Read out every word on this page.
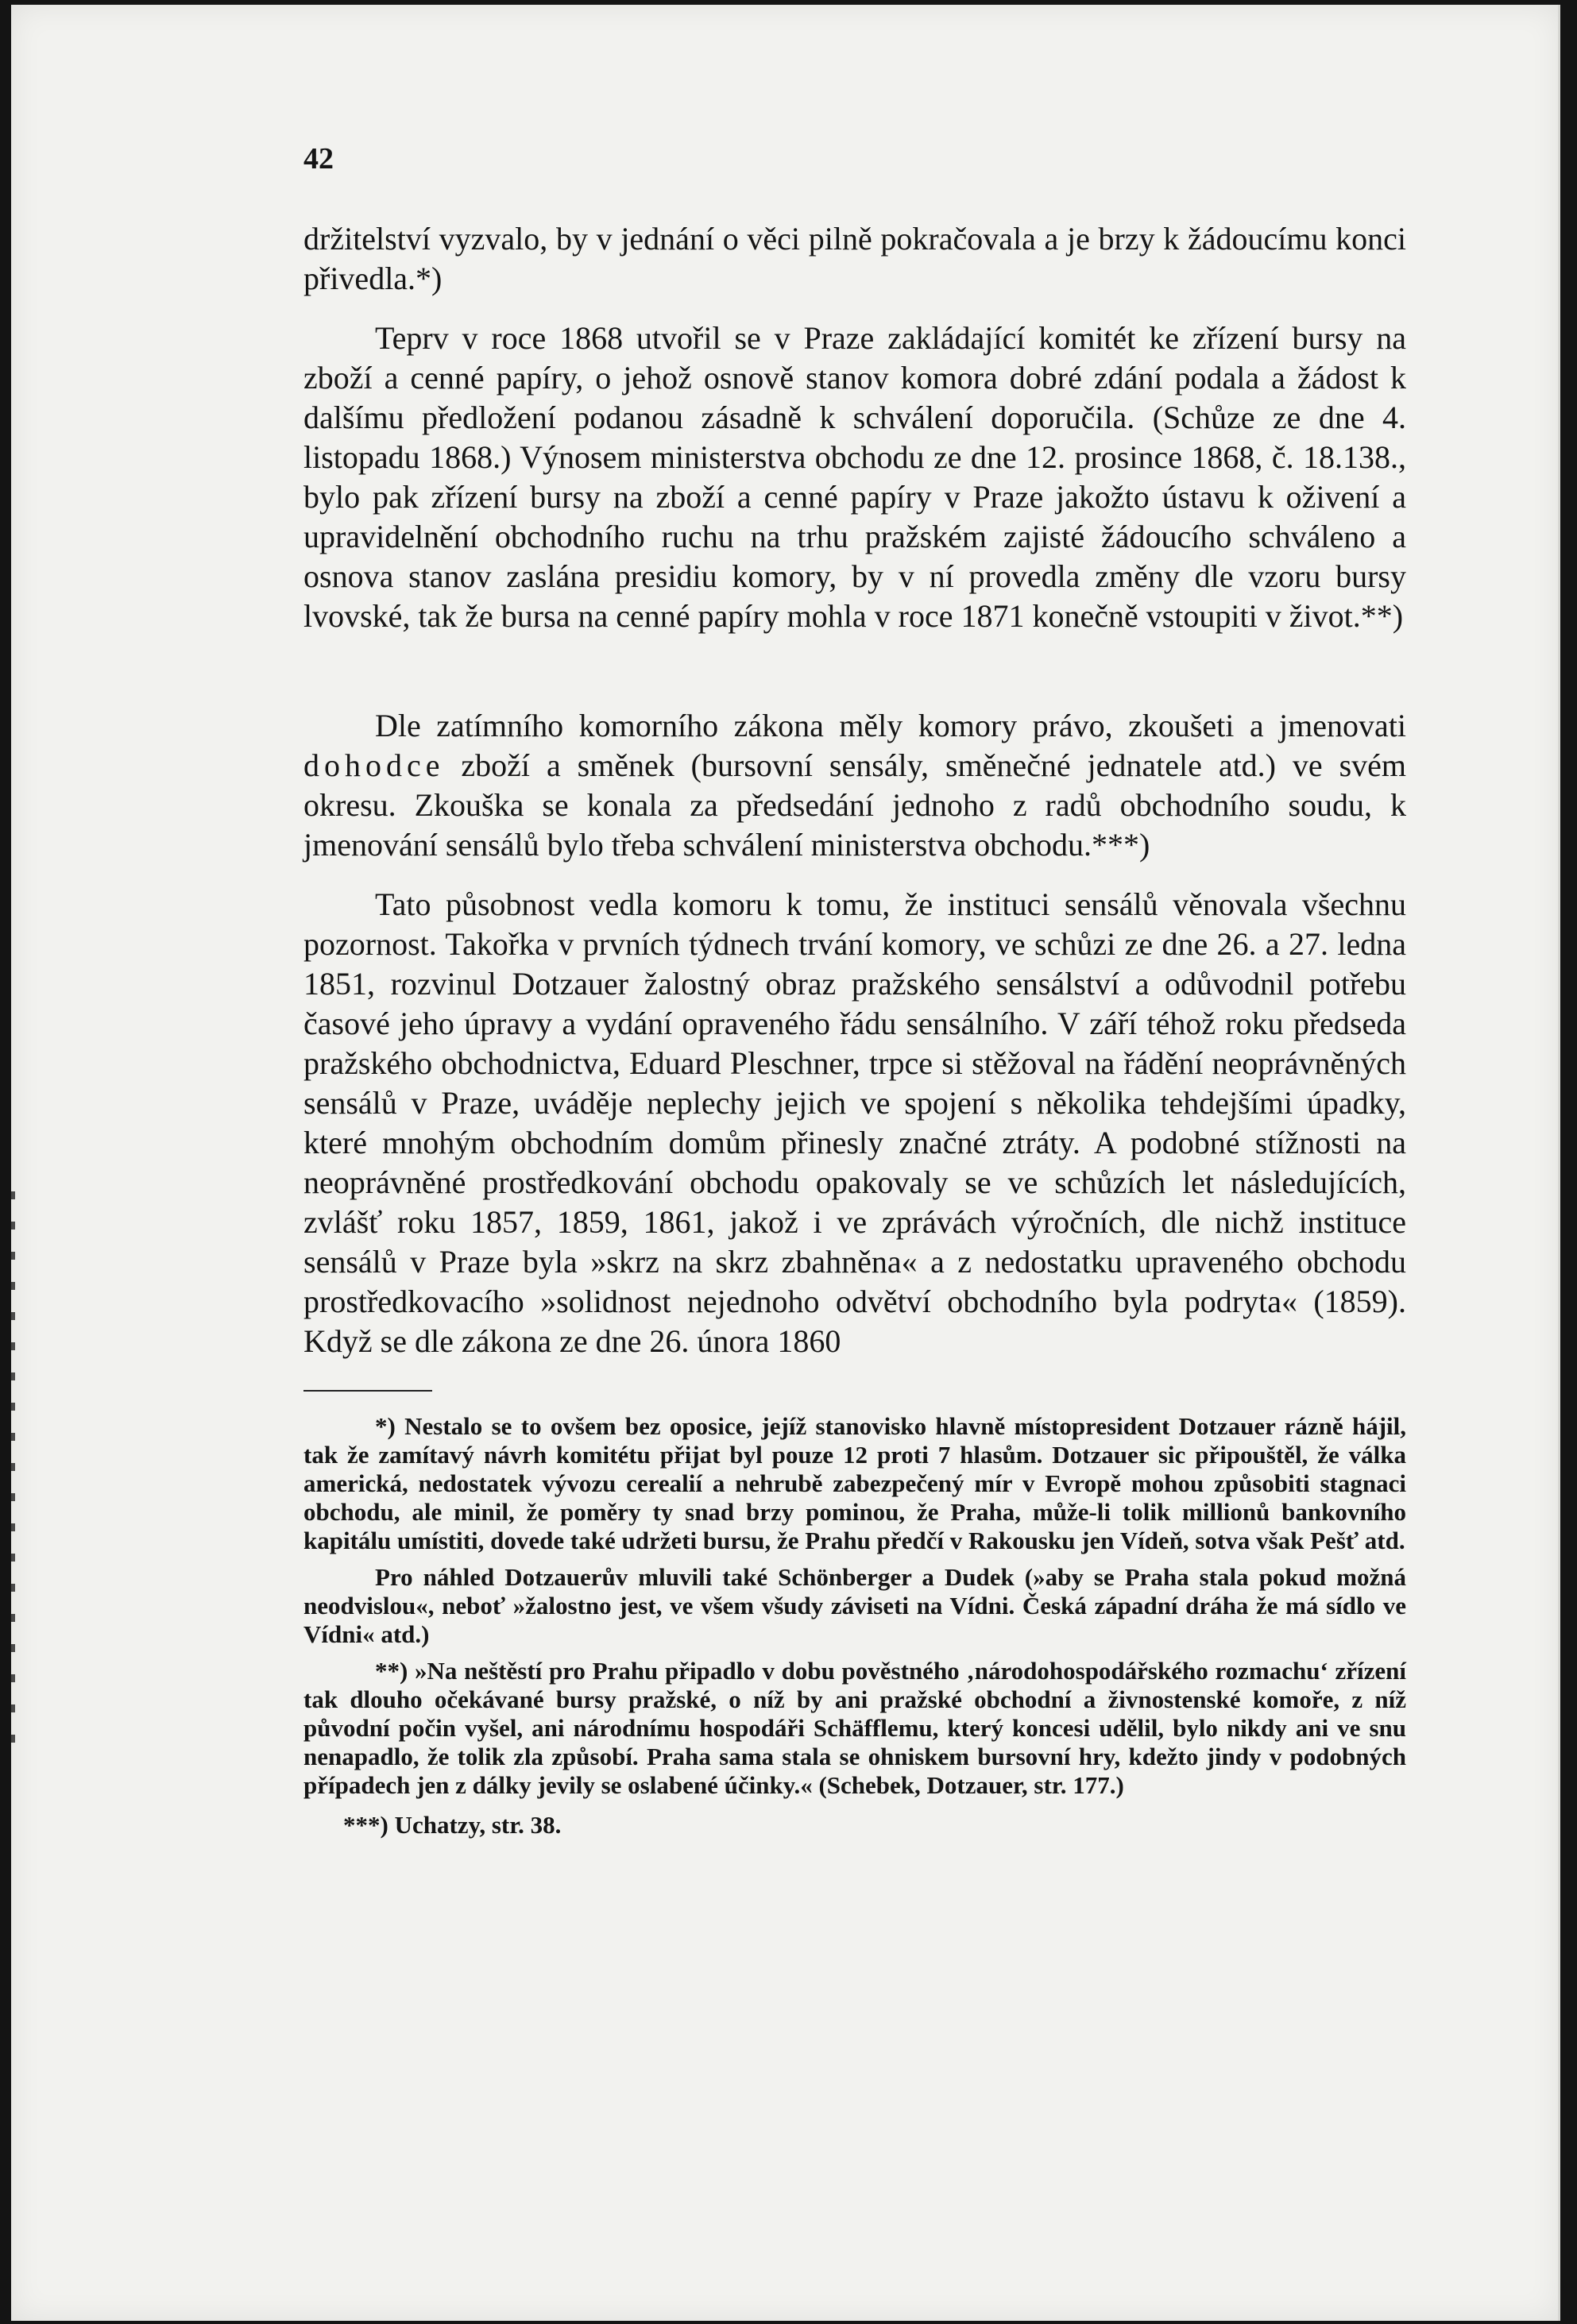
42

držitelství vyzvalo, by v jednání o věci pilně pokračovala a je brzy k žádoucímu konci přivedla.*)

Teprv v roce 1868 utvořil se v Praze zakládající komitét ke zřízení bursy na zboží a cenné papíry, o jehož osnově stanov komora dobré zdání podala a žádost k dalšímu předložení podanou zásadně k schválení doporučila. (Schůze ze dne 4. listopadu 1868.) Výnosem ministerstva obchodu ze dne 12. prosince 1868, č. 18.138., bylo pak zřízení bursy na zboží a cenné papíry v Praze jakožto ústavu k oživení a upravidelnění obchodního ruchu na trhu pražském zajisté žádoucího schváleno a osnova stanov zaslána presidiu komory, by v ní provedla změny dle vzoru bursy lvovské, tak že bursa na cenné papíry mohla v roce 1871 konečně vstoupiti v život.**)

Dle zatímního komorního zákona měly komory právo, zkoušeti a jmenovati dohodce zboží a směnek (bursovní sensály, směnečné jednatele atd.) ve svém okresu. Zkouška se konala za předsedání jednoho z radů obchodního soudu, k jmenování sensálů bylo třeba schválení ministerstva obchodu.***)

Tato působnost vedla komoru k tomu, že instituci sensálů věnovala všechnu pozornost. Takořka v prvních týdnech trvání komory, ve schůzi ze dne 26. a 27. ledna 1851, rozvinul Dotzauer žalostný obraz pražského sensálství a odůvodnil potřebu časové jeho úpravy a vydání opraveného řádu sensálního. V září téhož roku předseda pražského obchodnictva, Eduard Pleschner, trpce si stěžoval na řádění neoprávněných sensálů v Praze, uváděje neplechy jejich ve spojení s několika tehdejšími úpadky, které mnohým obchodním domům přinesly značné ztráty. A podobné stížnosti na neoprávněné prostředkování obchodu opakovaly se ve schůzích let následujících, zvlášť roku 1857, 1859, 1861, jakož i ve zprávách výročních, dle nichž instituce sensálů v Praze byla »skrz na skrz zbahněna« a z nedostatku upraveného obchodu prostředkovacího »solidnost nejednoho odvětví obchodního byla podryta« (1859). Když se dle zákona ze dne 26. února 1860

*) Nestalo se to ovšem bez oposice, jejíž stanovisko hlavně místopresident Dotzauer rázně hájil, tak že zamítavý návrh komitétu přijat byl pouze 12 proti 7 hlasům. Dotzauer sic připouštěl, že válka americká, nedostatek vývozu cerealií a nehrubě zabezpečený mír v Evropě mohou způsobiti stagnaci obchodu, ale minil, že poměry ty snad brzy pominou, že Praha, může-li tolik millionů bankovního kapitálu umístiti, dovede také udržeti bursu, že Prahu předčí v Rakousku jen Vídeň, sotva však Pešť atd.

Pro náhled Dotzauerův mluvili také Schönberger a Dudek (»aby se Praha stala pokud možná neodvislou«, neboť »žalostno jest, ve všem všudy záviseti na Vídni. Česká západní dráha že má sídlo ve Vídni« atd.)

**) »Na neštěstí pro Prahu připadlo v dobu pověstného ‚národohospodářského rozmachu‘ zřízení tak dlouho očekávané bursy pražské, o níž by ani pražské obchodní a živnostenské komoře, z níž původní počin vyšel, ani národnímu hospodáři Schäfflemu, který koncesi udělil, bylo nikdy ani ve snu nenapadlo, že tolik zla způsobí. Praha sama stala se ohniskem bursovní hry, kdežto jindy v podobných případech jen z dálky jevily se oslabené účinky.« (Schebek, Dotzauer, str. 177.)

***) Uchatzy, str. 38.
